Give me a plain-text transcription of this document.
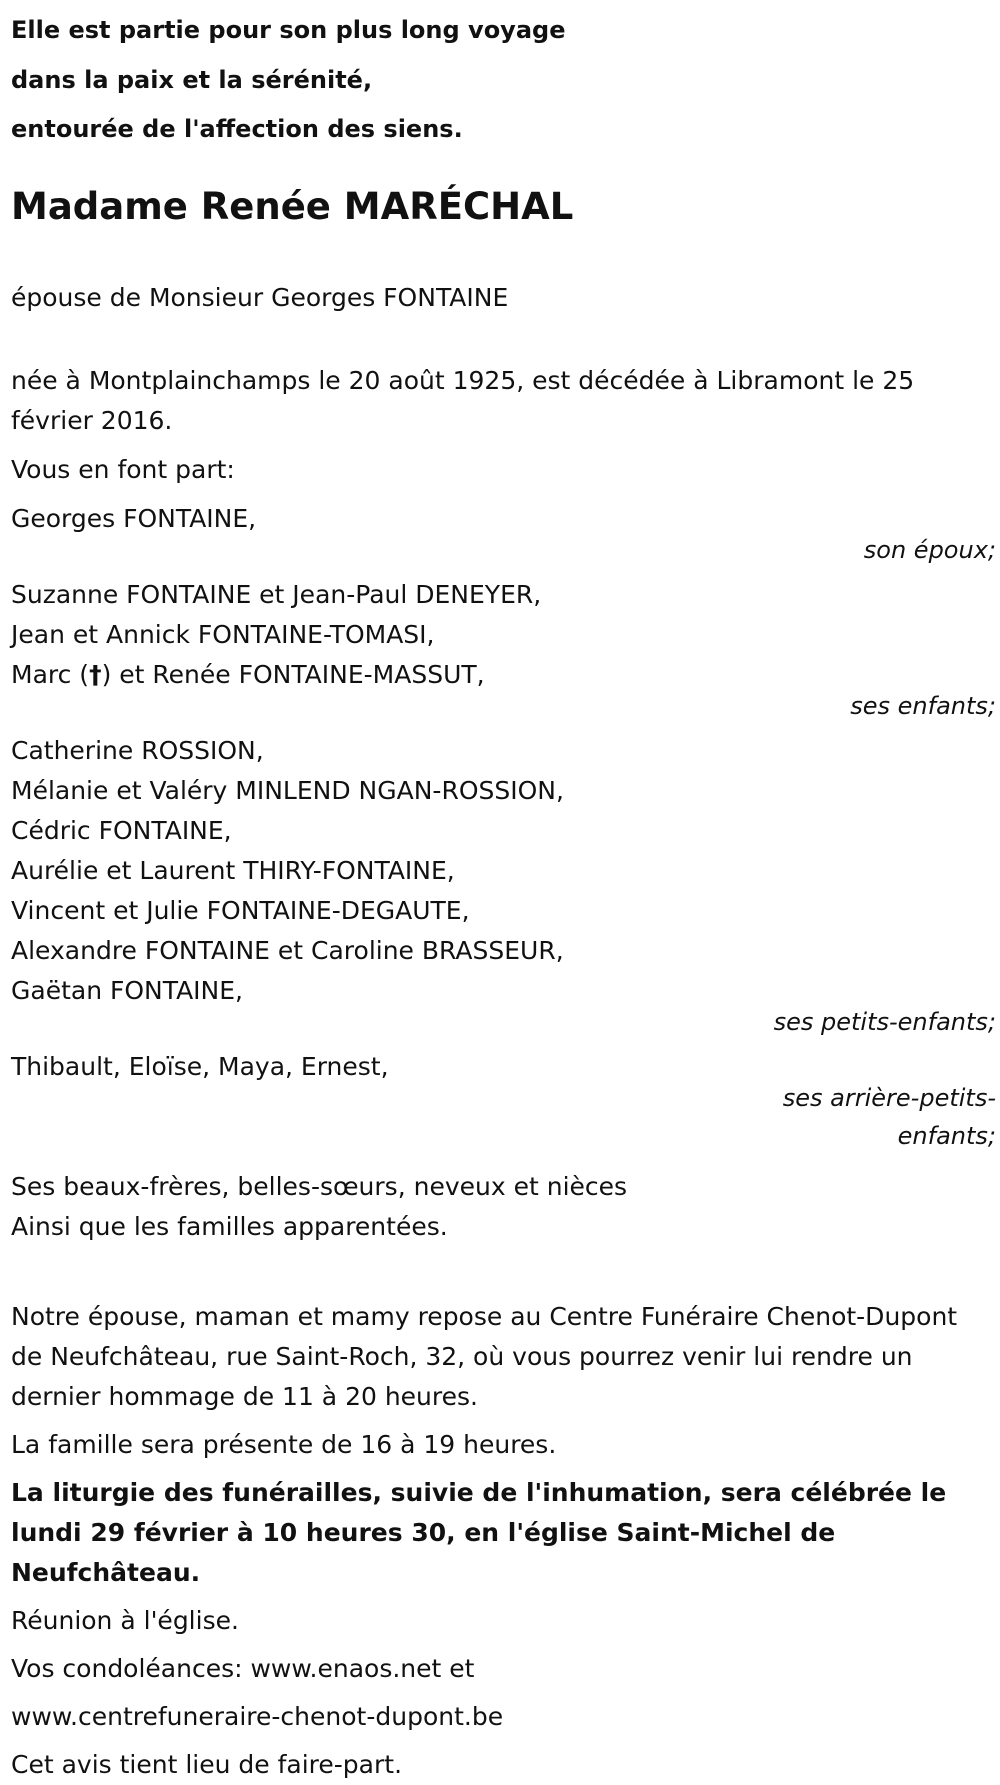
Elle est partie pour son plus long voyage
dans la paix et la sérénité,
entourée de l'affection des siens.
Madame Renée MARÉCHAL

épouse de Monsieur Georges FONTAINE

née à Montplainchamps le 20 août 1925, est décédée à Libramont le 25 février 2016.

Vous en font part:

Georges FONTAINE,
son époux;
Suzanne FONTAINE et Jean-Paul DENEYER,
Jean et Annick FONTAINE-TOMASI,
Marc (†) et Renée FONTAINE-MASSUT,
ses enfants;
Catherine ROSSION,
Mélanie et Valéry MINLEND NGAN-ROSSION,
Cédric FONTAINE,
Aurélie et Laurent THIRY-FONTAINE,
Vincent et Julie FONTAINE-DEGAUTE,
Alexandre FONTAINE et Caroline BRASSEUR,
Gaëtan FONTAINE,
ses petits-enfants;
Thibault, Eloïse, Maya, Ernest,
ses arrière-petits-enfants;
Ses beaux-frères, belles-sœurs, neveux et nièces
Ainsi que les familles apparentées.

Notre épouse, maman et mamy repose au Centre Funéraire Chenot-Dupont de Neufchâteau, rue Saint-Roch, 32, où vous pourrez venir lui rendre un dernier hommage de 11 à 20 heures.

La famille sera présente de 16 à 19 heures.

La liturgie des funérailles, suivie de l'inhumation, sera célébrée le lundi 29 février à 10 heures 30, en l'église Saint-Michel de Neufchâteau.

Réunion à l'église.

Vos condoléances: www.enaos.net et

www.centrefuneraire-chenot-dupont.be

Cet avis tient lieu de faire-part.
